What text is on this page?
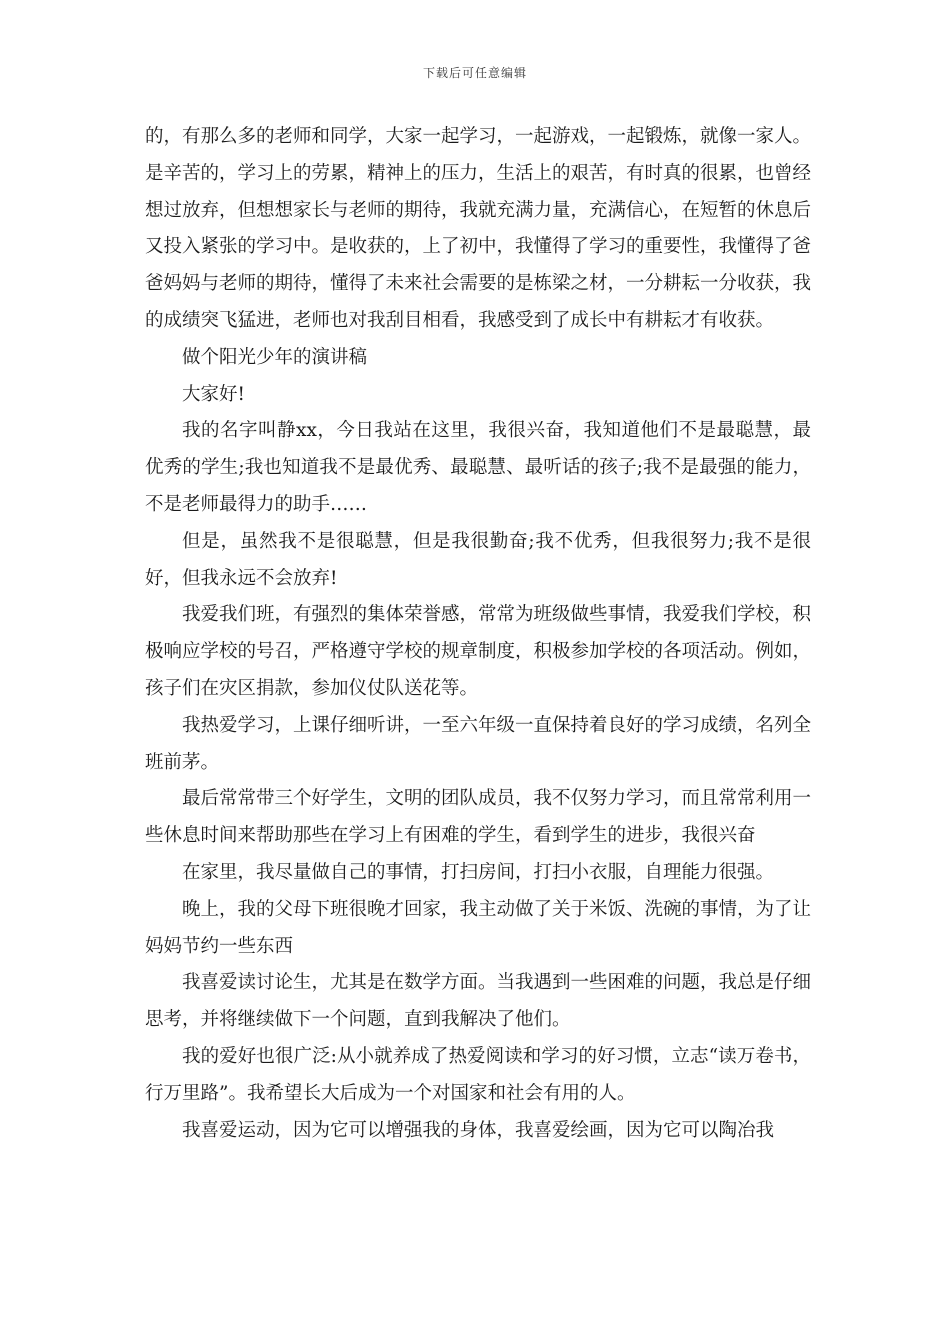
下载后可任意编辑

的，有那么多的老师和同学，大家一起学习，一起游戏，一起锻炼，就像一家人。是辛苦的，学习上的劳累，精神上的压力，生活上的艰苦，有时真的很累，也曾经想过放弃，但想想家长与老师的期待，我就充满力量，充满信心，在短暂的休息后又投入紧张的学习中。是收获的，上了初中，我懂得了学习的重要性，我懂得了爸爸妈妈与老师的期待，懂得了未来社会需要的是栋梁之材，一分耕耘一分收获，我的成绩突飞猛进，老师也对我刮目相看，我感受到了成长中有耕耘才有收获。

做个阳光少年的演讲稿

大家好!

我的名字叫静xx，今日我站在这里，我很兴奋，我知道他们不是最聪慧，最优秀的学生;我也知道我不是最优秀、最聪慧、最听话的孩子;我不是最强的能力，不是老师最得力的助手……

但是，虽然我不是很聪慧，但是我很勤奋;我不优秀，但我很努力;我不是很好，但我永远不会放弃!

我爱我们班，有强烈的集体荣誉感，常常为班级做些事情，我爱我们学校，积极响应学校的号召，严格遵守学校的规章制度，积极参加学校的各项活动。例如，孩子们在灾区捐款，参加仪仗队送花等。

我热爱学习，上课仔细听讲，一至六年级一直保持着良好的学习成绩，名列全班前茅。

最后常常带三个好学生，文明的团队成员，我不仅努力学习，而且常常利用一些休息时间来帮助那些在学习上有困难的学生，看到学生的进步，我很兴奋

在家里，我尽量做自己的事情，打扫房间，打扫小衣服，自理能力很强。

晚上，我的父母下班很晚才回家，我主动做了关于米饭、洗碗的事情，为了让妈妈节约一些东西

我喜爱读讨论生，尤其是在数学方面。当我遇到一些困难的问题，我总是仔细思考，并将继续做下一个问题，直到我解决了他们。

我的爱好也很广泛:从小就养成了热爱阅读和学习的好习惯，立志“读万卷书，行万里路”。我希望长大后成为一个对国家和社会有用的人。

我喜爱运动，因为它可以增强我的身体，我喜爱绘画，因为它可以陶冶我
